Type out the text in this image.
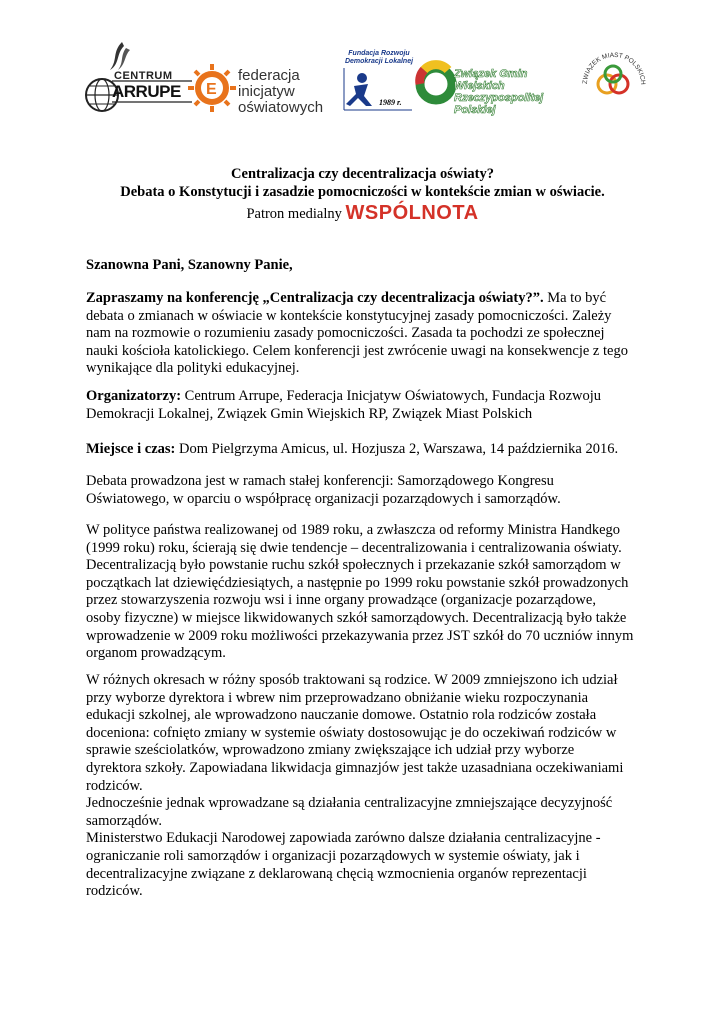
CENTRUM
ARRUPE E
federacja
inicjatyw
oświatowych
Fundacja Rozwoju
Demokracji Lokalnej
1989 r.
Związek Gmin Wiejskich
Rzeczypospolitej Polskiej
ZWIĄZEK MIAST POLSKICH
Centralizacja czy decentralizacja oświaty?
Debata o Konstytucji i zasadzie pomocniczości w kontekście zmian w oświacie.
Patron medialny WSPÓLNOTA
Szanowna Pani, Szanowny Panie,
Zapraszamy na konferencję „Centralizacja czy decentralizacja oświaty?”. Ma to być
debata o zmianach w oświacie w kontekście konstytucyjnej zasady pomocniczości. Zależy
nam na rozmowie o rozumieniu zasady pomocniczości. Zasada ta pochodzi ze społecznej
nauki kościoła katolickiego. Celem konferencji jest zwrócenie uwagi na konsekwencje z tego
wynikające dla polityki edukacyjnej.
Organizatorzy: Centrum Arrupe, Federacja Inicjatyw Oświatowych, Fundacja Rozwoju
Demokracji Lokalnej, Związek Gmin Wiejskich RP, Związek Miast Polskich
Miejsce i czas: Dom Pielgrzyma Amicus, ul. Hozjusza 2, Warszawa, 14 października 2016.
Debata prowadzona jest w ramach stałej konferencji: Samorządowego Kongresu
Oświatowego, w oparciu o współpracę organizacji pozarządowych i samorządów.
W polityce państwa realizowanej od 1989 roku, a zwłaszcza od reformy Ministra Handkego
(1999 roku) roku, ścierają się dwie tendencje – decentralizowania i centralizowania oświaty.
Decentralizacją było powstanie ruchu szkół społecznych i przekazanie szkół samorządom w
początkach lat dziewięćdziesiątych, a następnie po 1999 roku powstanie szkół prowadzonych
przez stowarzyszenia rozwoju wsi i inne organy prowadzące (organizacje pozarządowe,
osoby fizyczne) w miejsce likwidowanych szkół samorządowych. Decentralizacją było także
wprowadzenie w 2009 roku możliwości przekazywania przez JST szkół do 70 uczniów innym
organom prowadzącym.
W różnych okresach w różny sposób traktowani są rodzice. W 2009 zmniejszono ich udział
przy wyborze dyrektora i wbrew nim przeprowadzano obniżanie wieku rozpoczynania
edukacji szkolnej, ale wprowadzono nauczanie domowe. Ostatnio rola rodziców została
doceniona: cofnięto zmiany w systemie oświaty dostosowując je do oczekiwań rodziców w
sprawie sześciolatków, wprowadzono zmiany zwiększające ich udział przy wyborze
dyrektora szkoły. Zapowiadana likwidacja gimnazjów jest także uzasadniana oczekiwaniami
rodziców.
Jednocześnie jednak wprowadzane są działania centralizacyjne zmniejszające decyzyjność
samorządów.
Ministerstwo Edukacji Narodowej zapowiada zarówno dalsze działania centralizacyjne -
ograniczanie roli samorządów i organizacji pozarządowych w systemie oświaty, jak i
decentralizacyjne związane z deklarowaną chęcią wzmocnienia organów reprezentacji
rodziców.
